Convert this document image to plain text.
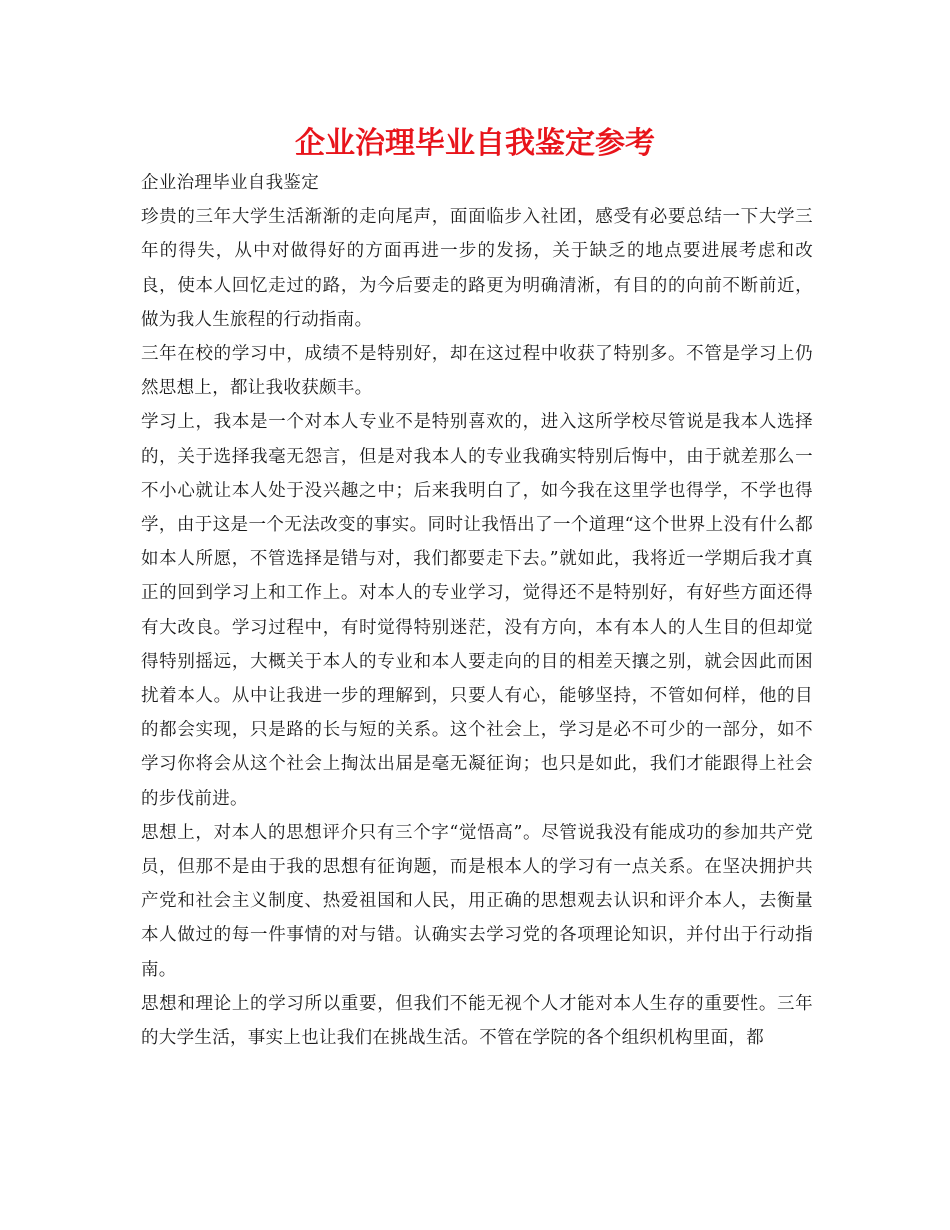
企业治理毕业自我鉴定参考

企业治理毕业自我鉴定

珍贵的三年大学生活渐渐的走向尾声，面面临步入社团，感受有必要总结一下大学三年的得失，从中对做得好的方面再进一步的发扬，关于缺乏的地点要进展考虑和改良，使本人回忆走过的路，为今后要走的路更为明确清淅，有目的的向前不断前近，做为我人生旅程的行动指南。

三年在校的学习中，成绩不是特别好，却在这过程中收获了特别多。不管是学习上仍然思想上，都让我收获颇丰。

学习上，我本是一个对本人专业不是特别喜欢的，进入这所学校尽管说是我本人选择的，关于选择我毫无怨言，但是对我本人的专业我确实特别后悔中，由于就差那么一不小心就让本人处于没兴趣之中；后来我明白了，如今我在这里学也得学，不学也得学，由于这是一个无法改变的事实。同时让我悟出了一个道理“这个世界上没有什么都如本人所愿，不管选择是错与对，我们都要走下去。”就如此，我将近一学期后我才真正的回到学习上和工作上。对本人的专业学习，觉得还不是特别好，有好些方面还得有大改良。学习过程中，有时觉得特别迷茫，没有方向，本有本人的人生目的但却觉得特别摇远，大概关于本人的专业和本人要走向的目的相差天攘之别，就会因此而困扰着本人。从中让我进一步的理解到，只要人有心，能够坚持，不管如何样，他的目的都会实现，只是路的长与短的关系。这个社会上，学习是必不可少的一部分，如不学习你将会从这个社会上掏汰出届是毫无凝征询；也只是如此，我们才能跟得上社会的步伐前进。

思想上，对本人的思想评介只有三个字“觉悟高”。尽管说我没有能成功的参加共产党员，但那不是由于我的思想有征询题，而是根本人的学习有一点关系。在坚决拥护共产党和社会主义制度、热爱祖国和人民，用正确的思想观去认识和评介本人，去衡量本人做过的每一件事情的对与错。认确实去学习党的各项理论知识，并付出于行动指南。

思想和理论上的学习所以重要，但我们不能无视个人才能对本人生存的重要性。三年的大学生活，事实上也让我们在挑战生活。不管在学院的各个组织机构里面，都
